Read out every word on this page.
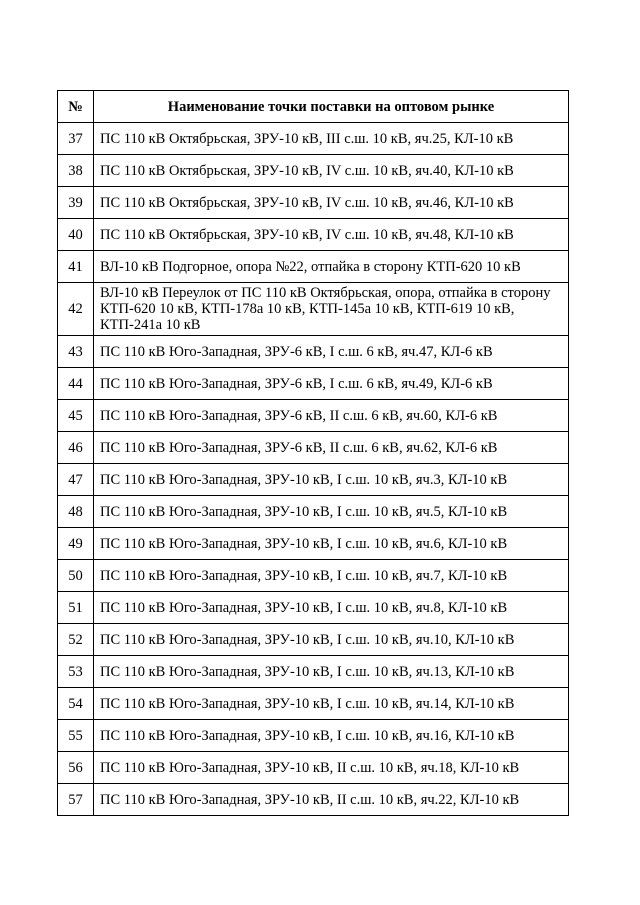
№	Наименование точки поставки на оптовом рынке
37	ПС 110 кВ Октябрьская, ЗРУ-10 кВ, III с.ш. 10 кВ, яч.25, КЛ-10 кВ
38	ПС 110 кВ Октябрьская, ЗРУ-10 кВ, IV с.ш. 10 кВ, яч.40, КЛ-10 кВ
39	ПС 110 кВ Октябрьская, ЗРУ-10 кВ, IV с.ш. 10 кВ, яч.46, КЛ-10 кВ
40	ПС 110 кВ Октябрьская, ЗРУ-10 кВ, IV с.ш. 10 кВ, яч.48, КЛ-10 кВ
41	ВЛ-10 кВ Подгорное, опора №22, отпайка в сторону КТП-620 10 кВ
42	ВЛ-10 кВ Переулок от ПС 110 кВ Октябрьская, опора, отпайка в сторону КТП-620 10 кВ, КТП-178а 10 кВ, КТП-145а 10 кВ, КТП-619 10 кВ, КТП-241а 10 кВ
43	ПС 110 кВ Юго-Западная, ЗРУ-6 кВ, I с.ш. 6 кВ, яч.47, КЛ-6 кВ
44	ПС 110 кВ Юго-Западная, ЗРУ-6 кВ, I с.ш. 6 кВ, яч.49, КЛ-6 кВ
45	ПС 110 кВ Юго-Западная, ЗРУ-6 кВ, II с.ш. 6 кВ, яч.60, КЛ-6 кВ
46	ПС 110 кВ Юго-Западная, ЗРУ-6 кВ, II с.ш. 6 кВ, яч.62, КЛ-6 кВ
47	ПС 110 кВ Юго-Западная, ЗРУ-10 кВ, I с.ш. 10 кВ, яч.3, КЛ-10 кВ
48	ПС 110 кВ Юго-Западная, ЗРУ-10 кВ, I с.ш. 10 кВ, яч.5, КЛ-10 кВ
49	ПС 110 кВ Юго-Западная, ЗРУ-10 кВ, I с.ш. 10 кВ, яч.6, КЛ-10 кВ
50	ПС 110 кВ Юго-Западная, ЗРУ-10 кВ, I с.ш. 10 кВ, яч.7, КЛ-10 кВ
51	ПС 110 кВ Юго-Западная, ЗРУ-10 кВ, I с.ш. 10 кВ, яч.8, КЛ-10 кВ
52	ПС 110 кВ Юго-Западная, ЗРУ-10 кВ, I с.ш. 10 кВ, яч.10, КЛ-10 кВ
53	ПС 110 кВ Юго-Западная, ЗРУ-10 кВ, I с.ш. 10 кВ, яч.13, КЛ-10 кВ
54	ПС 110 кВ Юго-Западная, ЗРУ-10 кВ, I с.ш. 10 кВ, яч.14, КЛ-10 кВ
55	ПС 110 кВ Юго-Западная, ЗРУ-10 кВ, I с.ш. 10 кВ, яч.16, КЛ-10 кВ
56	ПС 110 кВ Юго-Западная, ЗРУ-10 кВ, II с.ш. 10 кВ, яч.18, КЛ-10 кВ
57	ПС 110 кВ Юго-Западная, ЗРУ-10 кВ, II с.ш. 10 кВ, яч.22, КЛ-10 кВ
